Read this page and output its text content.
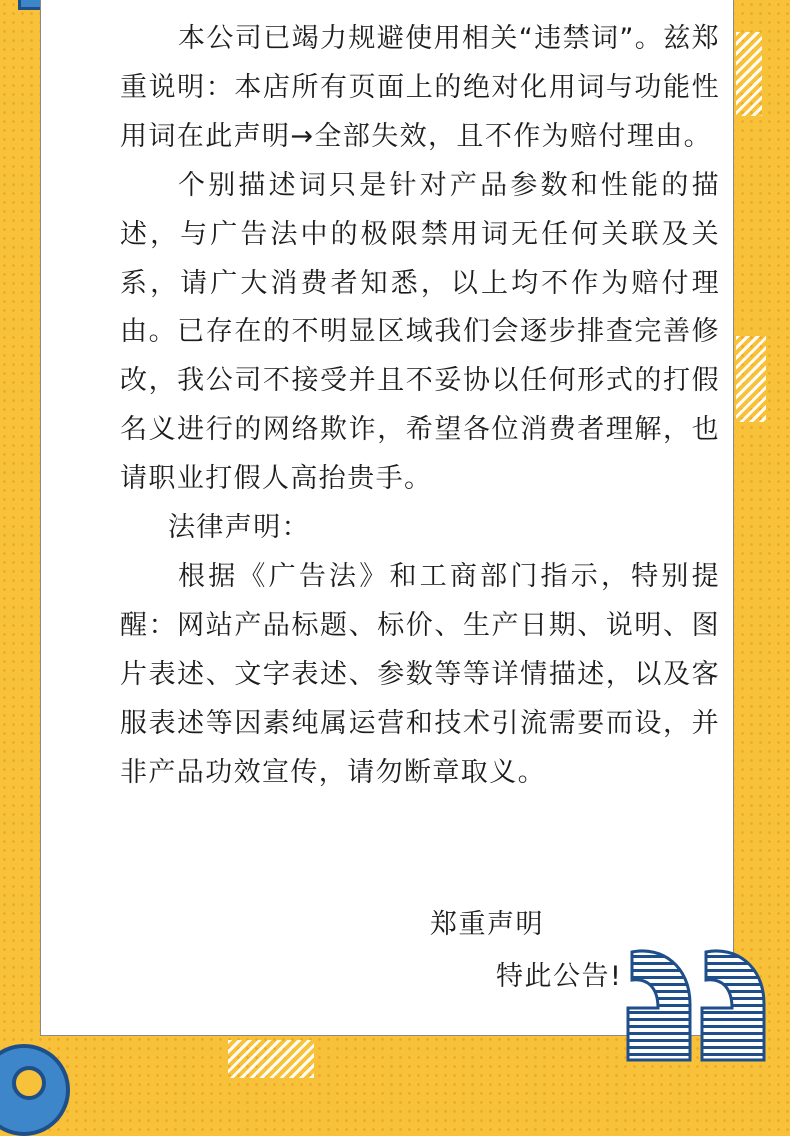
本公司已竭力规避使用相关“违禁词”。兹郑重说明：本店所有页面上的绝对化用词与功能性用词在此声明→全部失效，且不作为赔付理由。

个别描述词只是针对产品参数和性能的描述，与广告法中的极限禁用词无任何关联及关系，请广大消费者知悉，以上均不作为赔付理由。已存在的不明显区域我们会逐步排查完善修改，我公司不接受并且不妥协以任何形式的打假名义进行的网络欺诈，希望各位消费者理解，也请职业打假人高抬贵手。

法律声明：

根据《广告法》和工商部门指示，特别提醒：网站产品标题、标价、生产日期、说明、图片表述、文字表述、参数等等详情描述，以及客服表述等因素纯属运营和技术引流需要而设，并非产品功效宣传，请勿断章取义。

郑重声明
特此公告!
